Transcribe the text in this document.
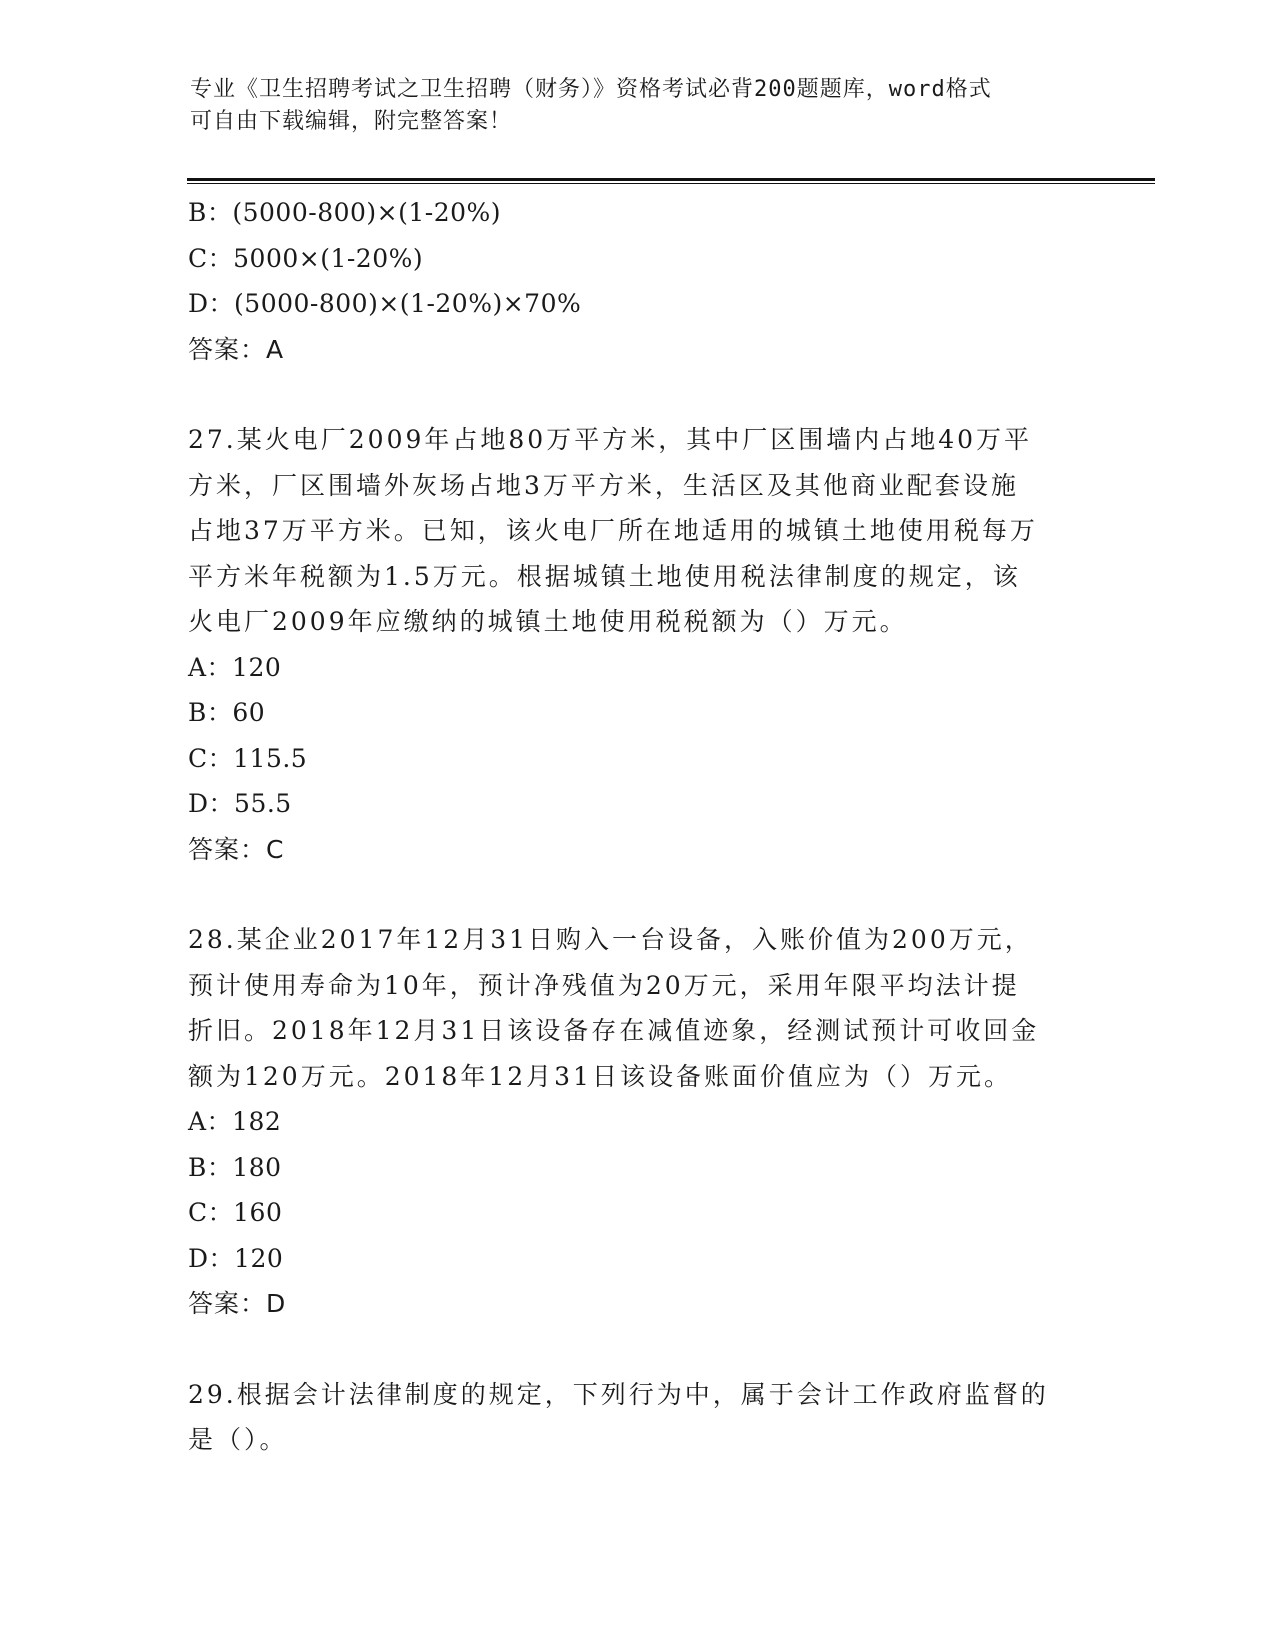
专业《卫生招聘考试之卫生招聘（财务）》资格考试必背200题题库，word格式
可自由下载编辑，附完整答案！
B：(5000-800)×(1-20%)
C：5000×(1-20%)
D：(5000-800)×(1-20%)×70%
答案：A
27.某火电厂2009年占地80万平方米，其中厂区围墙内占地40万平
方米，厂区围墙外灰场占地3万平方米，生活区及其他商业配套设施
占地37万平方米。已知，该火电厂所在地适用的城镇土地使用税每万
平方米年税额为1.5万元。根据城镇土地使用税法律制度的规定，该
火电厂2009年应缴纳的城镇土地使用税税额为（）万元。
A：120
B：60
C：115.5
D：55.5
答案：C
28.某企业2017年12月31日购入一台设备，入账价值为200万元，
预计使用寿命为10年，预计净残值为20万元，采用年限平均法计提
折旧。2018年12月31日该设备存在减值迹象，经测试预计可收回金
额为120万元。2018年12月31日该设备账面价值应为（）万元。
A：182
B：180
C：160
D：120
答案：D
29.根据会计法律制度的规定，下列行为中，属于会计工作政府监督的
是（）。
